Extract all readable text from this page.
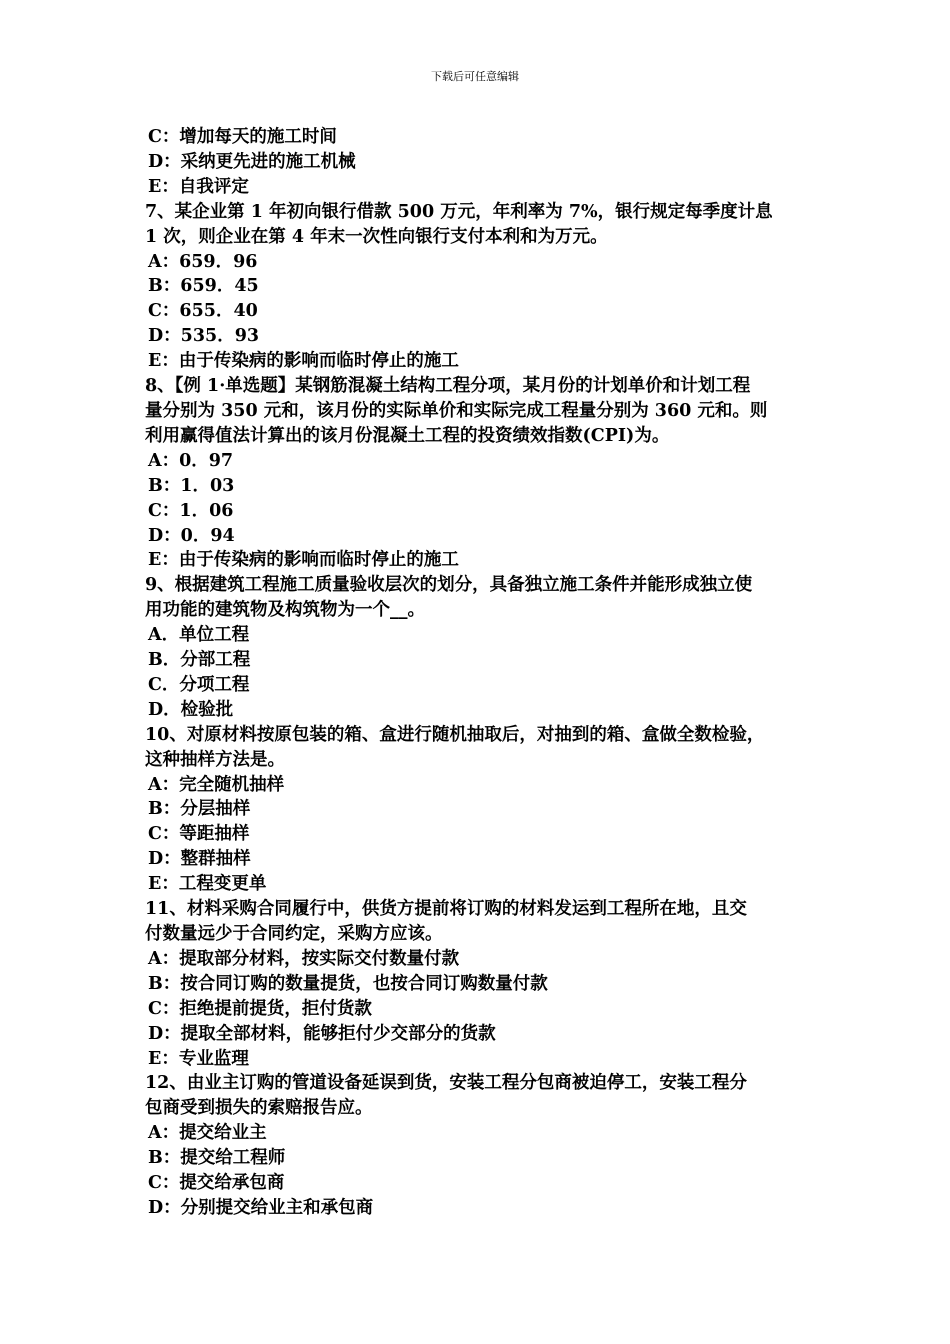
下载后可任意编辑
C：增加每天的施工时间
D：采纳更先进的施工机械
E：自我评定
7、某企业第 1 年初向银行借款 500 万元，年利率为 7%，银行规定每季度计息
1 次，则企业在第 4 年末一次性向银行支付本利和为万元。
A：659．96
B：659．45
C：655．40
D：535．93
E：由于传染病的影响而临时停止的施工
8、【例 1·单选题】某钢筋混凝土结构工程分项，某月份的计划单价和计划工程
量分别为 350 元和，该月份的实际单价和实际完成工程量分别为 360 元和。则
利用赢得值法计算出的该月份混凝土工程的投资绩效指数(CPI)为。
A：0．97
B：1．03
C：1．06
D：0．94
E：由于传染病的影响而临时停止的施工
9、根据建筑工程施工质量验收层次的划分，具备独立施工条件并能形成独立使
用功能的建筑物及构筑物为一个__。
A．单位工程
B．分部工程
C．分项工程
D．检验批
10、对原材料按原包装的箱、盒进行随机抽取后，对抽到的箱、盒做全数检验，
这种抽样方法是。
A：完全随机抽样
B：分层抽样
C：等距抽样
D：整群抽样
E：工程变更单
11、材料采购合同履行中，供货方提前将订购的材料发运到工程所在地，且交
付数量远少于合同约定，采购方应该。
A：提取部分材料，按实际交付数量付款
B：按合同订购的数量提货，也按合同订购数量付款
C：拒绝提前提货，拒付货款
D：提取全部材料，能够拒付少交部分的货款
E：专业监理
12、由业主订购的管道设备延误到货，安装工程分包商被迫停工，安装工程分
包商受到损失的索赔报告应。
A：提交给业主
B：提交给工程师
C：提交给承包商
D：分别提交给业主和承包商
